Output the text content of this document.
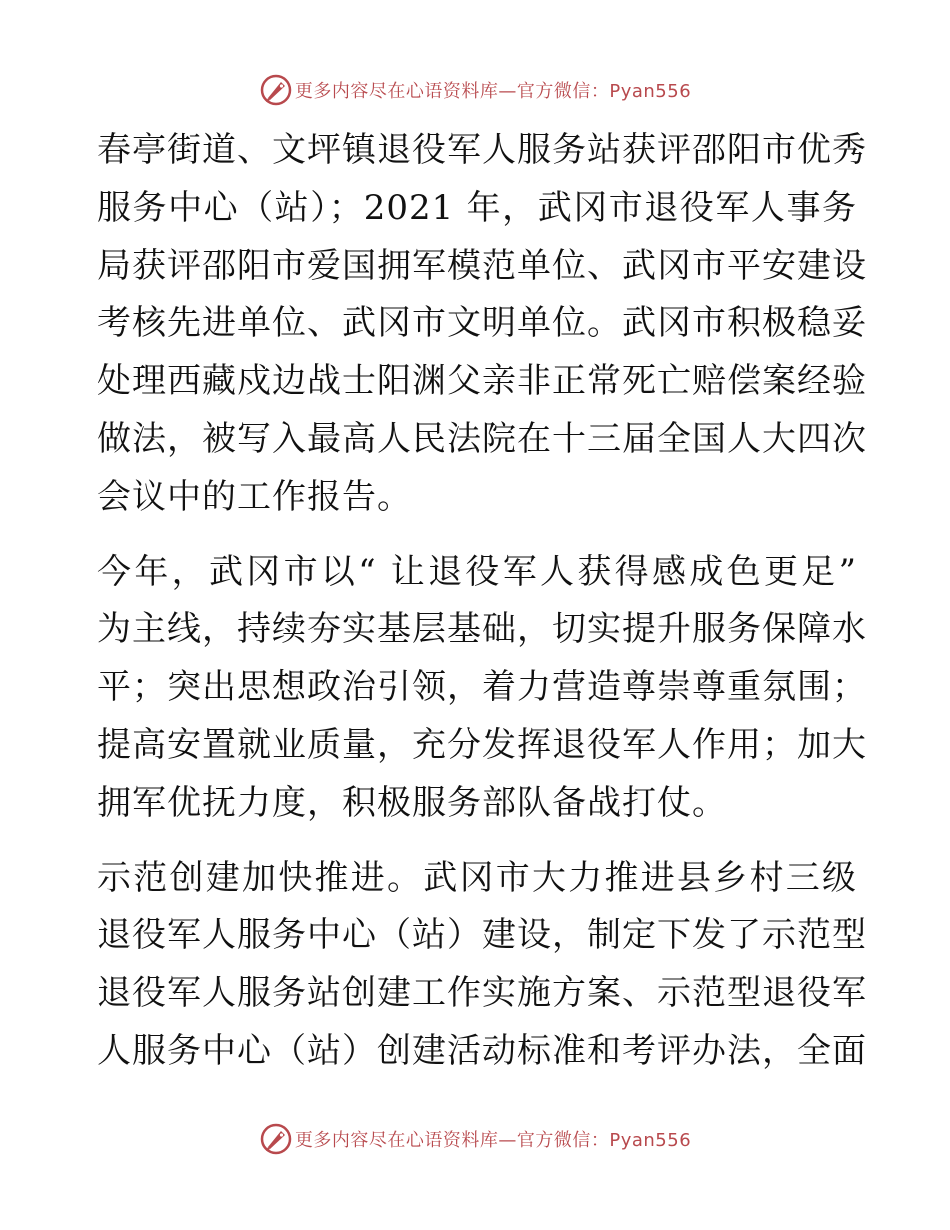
更多内容尽在心语资料库—官方微信：Pyan556
春亭街道、文坪镇退役军人服务站获评邵阳市优秀
服务中心（站）；2021 年，武冈市退役军人事务
局获评邵阳市爱国拥军模范单位、武冈市平安建设
考核先进单位、武冈市文明单位。武冈市积极稳妥
处理西藏戍边战士阳渊父亲非正常死亡赔偿案经验
做法，被写入最高人民法院在十三届全国人大四次
会议中的工作报告。
今年，武冈市以“ 让退役军人获得感成色更足”
为主线，持续夯实基层基础，切实提升服务保障水
平；突出思想政治引领，着力营造尊崇尊重氛围；
提高安置就业质量，充分发挥退役军人作用；加大
拥军优抚力度，积极服务部队备战打仗。
示范创建加快推进。武冈市大力推进县乡村三级
退役军人服务中心（站）建设，制定下发了示范型
退役军人服务站创建工作实施方案、示范型退役军
人服务中心（站）创建活动标准和考评办法，全面
更多内容尽在心语资料库—官方微信：Pyan556
